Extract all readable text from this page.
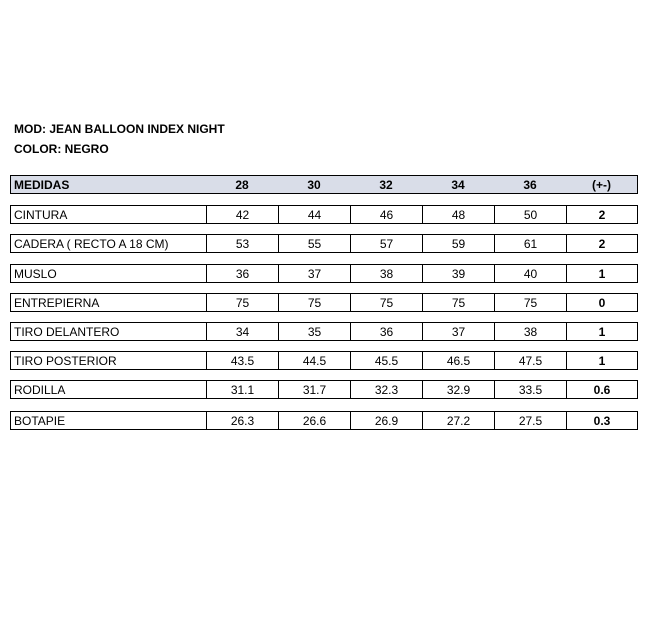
MOD: JEAN BALLOON INDEX NIGHT
COLOR: NEGRO
MEDIDAS	28	30	32	34	36	(+-)
CINTURA	42	44	46	48	50	2
CADERA ( RECTO A 18 CM)	53	55	57	59	61	2
MUSLO	36	37	38	39	40	1
ENTREPIERNA	75	75	75	75	75	0
TIRO DELANTERO	34	35	36	37	38	1
TIRO POSTERIOR	43.5	44.5	45.5	46.5	47.5	1
RODILLA	31.1	31.7	32.3	32.9	33.5	0.6
BOTAPIE	26.3	26.6	26.9	27.2	27.5	0.3
